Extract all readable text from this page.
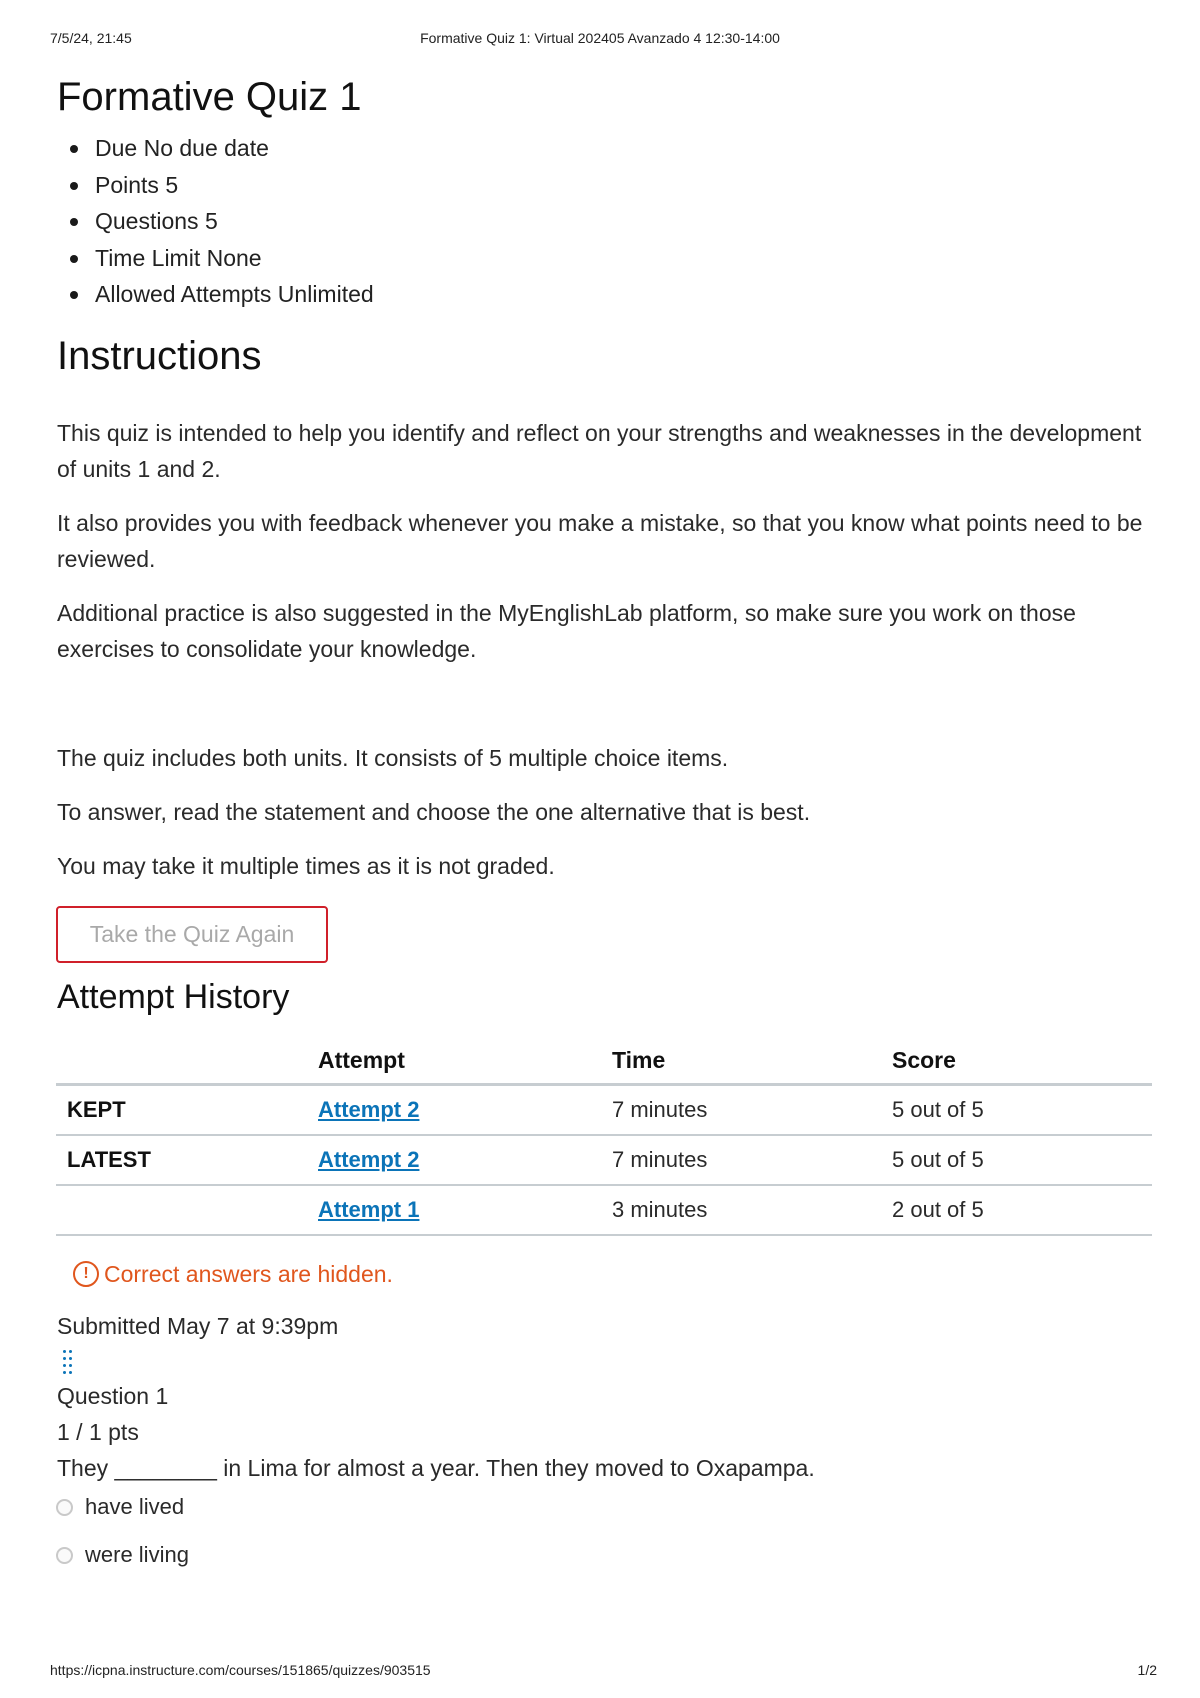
7/5/24, 21:45	Formative Quiz 1: Virtual 202405 Avanzado 4 12:30-14:00
Formative Quiz 1
Due No due date
Points 5
Questions 5
Time Limit None
Allowed Attempts Unlimited
Instructions

This quiz is intended to help you identify and reflect on your strengths and weaknesses in the development of units 1 and 2.

It also provides you with feedback whenever you make a mistake, so that you know what points need to be reviewed.

Additional practice is also suggested in the MyEnglishLab platform, so make sure you work on those exercises to consolidate your knowledge.

The quiz includes both units. It consists of 5 multiple choice items.

To answer, read the statement and choose the one alternative that is best.

You may take it multiple times as it is not graded.

Take the Quiz Again
Attempt History
	Attempt	Time	Score
KEPT	Attempt 2	7 minutes	5 out of 5
LATEST	Attempt 2	7 minutes	5 out of 5
	Attempt 1	3 minutes	2 out of 5
! Correct answers are hidden.
Submitted May 7 at 9:39pm
Question 1
1 / 1 pts
They ________ in Lima for almost a year. Then they moved to Oxapampa.
have lived
were living
https://icpna.instructure.com/courses/151865/quizzes/903515	1/2
